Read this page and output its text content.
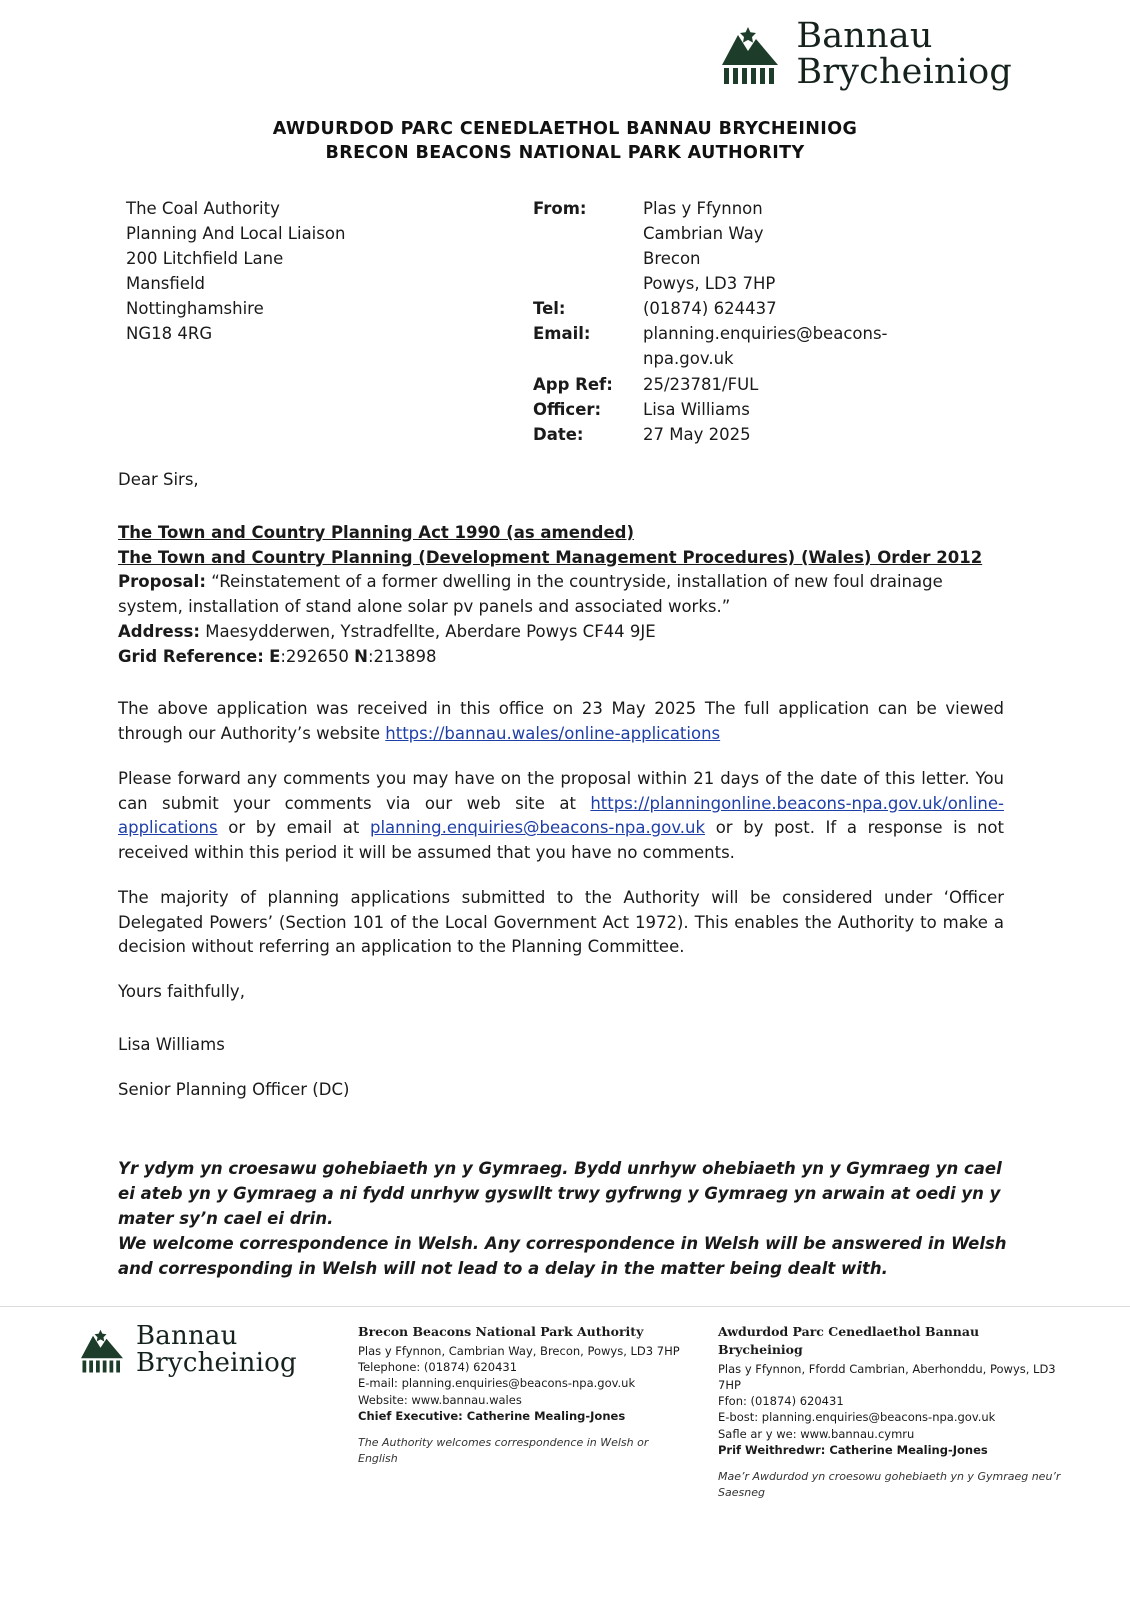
Bannau
Brycheiniog
AWDURDOD PARC CENEDLAETHOL BANNAU BRYCHEINIOG
BRECON BEACONS NATIONAL PARK AUTHORITY
The Coal Authority
Planning And Local Liaison
200 Litchfield Lane
Mansfield
Nottinghamshire
NG18 4RG
From:	Plas y Ffynnon
Cambrian Way
Brecon
Powys, LD3 7HP
Tel:	(01874) 624437
Email:	planning.enquiries@beacons-
npa.gov.uk
App Ref:	25/23781/FUL
Officer:	Lisa Williams
Date:	27 May 2025

Dear Sirs,

The Town and Country Planning Act 1990 (as amended)
The Town and Country Planning (Development Management Procedures) (Wales) Order 2012
Proposal: “Reinstatement of a former dwelling in the countryside, installation of new foul drainage system, installation of stand alone solar pv panels and associated works.”
Address: Maesydderwen, Ystradfellte, Aberdare Powys CF44 9JE
Grid Reference: E:292650 N:213898

The above application was received in this office on 23 May 2025 The full application can be viewed through our Authority’s website https://bannau.wales/online-applications

Please forward any comments you may have on the proposal within 21 days of the date of this letter. You can submit your comments via our web site at https://planningonline.beacons-npa.gov.uk/online-applications or by email at planning.enquiries@beacons-npa.gov.uk or by post. If a response is not received within this period it will be assumed that you have no comments.

The majority of planning applications submitted to the Authority will be considered under ‘Officer Delegated Powers’ (Section 101 of the Local Government Act 1972). This enables the Authority to make a decision without referring an application to the Planning Committee.

Yours faithfully,

Lisa Williams

Senior Planning Officer (DC)

Yr ydym yn croesawu gohebiaeth yn y Gymraeg. Bydd unrhyw ohebiaeth yn y Gymraeg yn cael ei ateb yn y Gymraeg a ni fydd unrhyw gyswllt trwy gyfrwng y Gymraeg yn arwain at oedi yn y mater sy’n cael ei drin.

We welcome correspondence in Welsh. Any correspondence in Welsh will be answered in Welsh and corresponding in Welsh will not lead to a delay in the matter being dealt with.

Bannau
Brycheiniog
Brecon Beacons National Park Authority
Plas y Ffynnon, Cambrian Way, Brecon, Powys, LD3 7HP
Telephone: (01874) 620431
E-mail: planning.enquiries@beacons-npa.gov.uk
Website: www.bannau.wales
Chief Executive: Catherine Mealing-Jones
The Authority welcomes correspondence in Welsh or English
Awdurdod Parc Cenedlaethol Bannau Brycheiniog
Plas y Ffynnon, Ffordd Cambrian, Aberhonddu, Powys, LD3 7HP
Ffon: (01874) 620431
E-bost: planning.enquiries@beacons-npa.gov.uk
Safle ar y we: www.bannau.cymru
Prif Weithredwr: Catherine Mealing-Jones
Mae’r Awdurdod yn croesowu gohebiaeth yn y Gymraeg neu’r Saesneg
